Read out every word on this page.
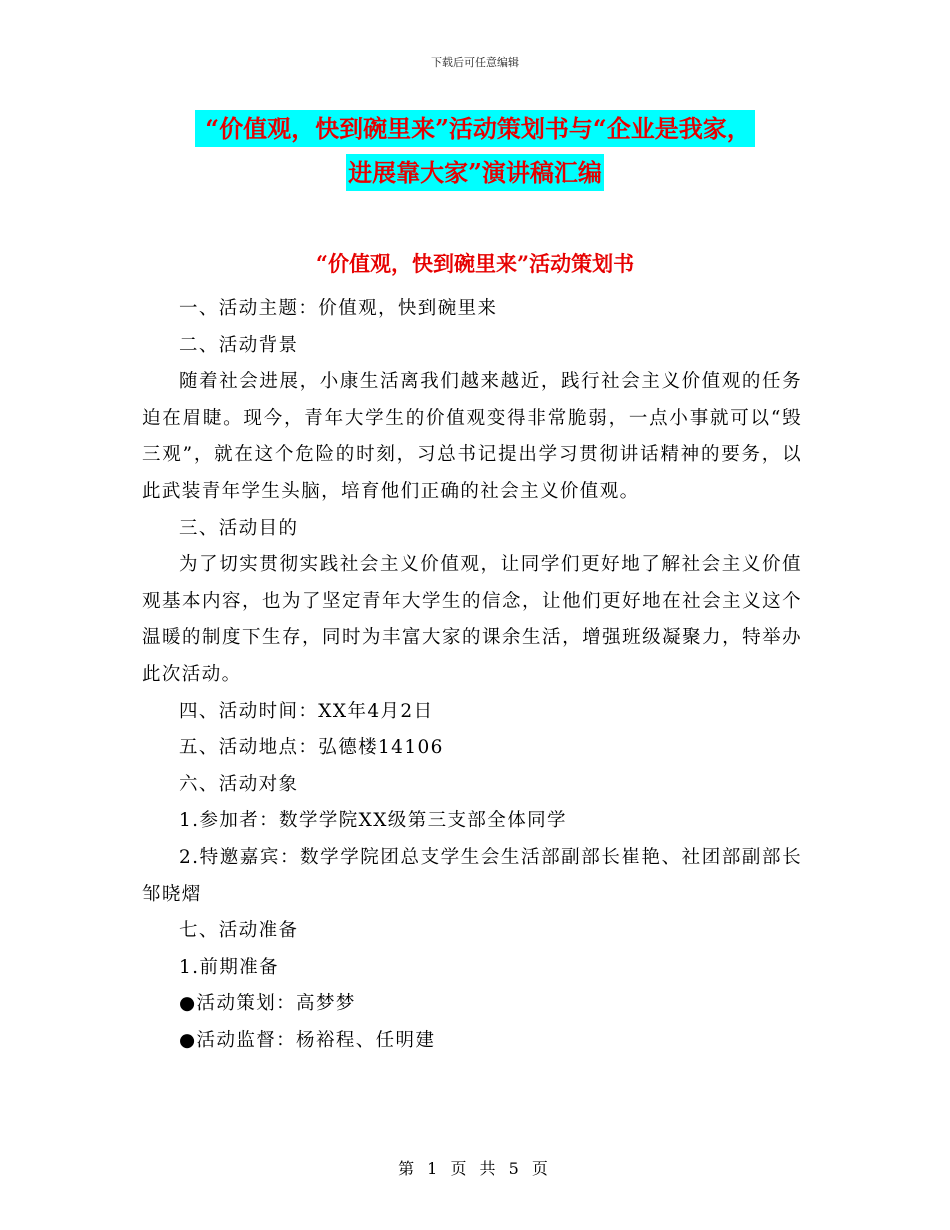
下载后可任意编辑
“价值观，快到碗里来”活动策划书与“企业是我家，
进展靠大家”演讲稿汇编
“价值观，快到碗里来”活动策划书

一、活动主题：价值观，快到碗里来

二、活动背景

随着社会进展，小康生活离我们越来越近，践行社会主义价值观的任务迫在眉睫。现今，青年大学生的价值观变得非常脆弱，一点小事就可以“毁三观”，就在这个危险的时刻，习总书记提出学习贯彻讲话精神的要务，以此武装青年学生头脑，培育他们正确的社会主义价值观。

三、活动目的

为了切实贯彻实践社会主义价值观，让同学们更好地了解社会主义价值观基本内容，也为了坚定青年大学生的信念，让他们更好地在社会主义这个温暖的制度下生存，同时为丰富大家的课余生活，增强班级凝聚力，特举办此次活动。

四、活动时间：XX年4月2日

五、活动地点：弘德楼14106

六、活动对象

1.参加者：数学学院XX级第三支部全体同学

2.特邀嘉宾：数学学院团总支学生会生活部副部长崔艳、社团部副部长邹晓熠

七、活动准备

1.前期准备

●活动策划：高梦梦

●活动监督：杨裕程、任明建

第 1 页 共 5 页
